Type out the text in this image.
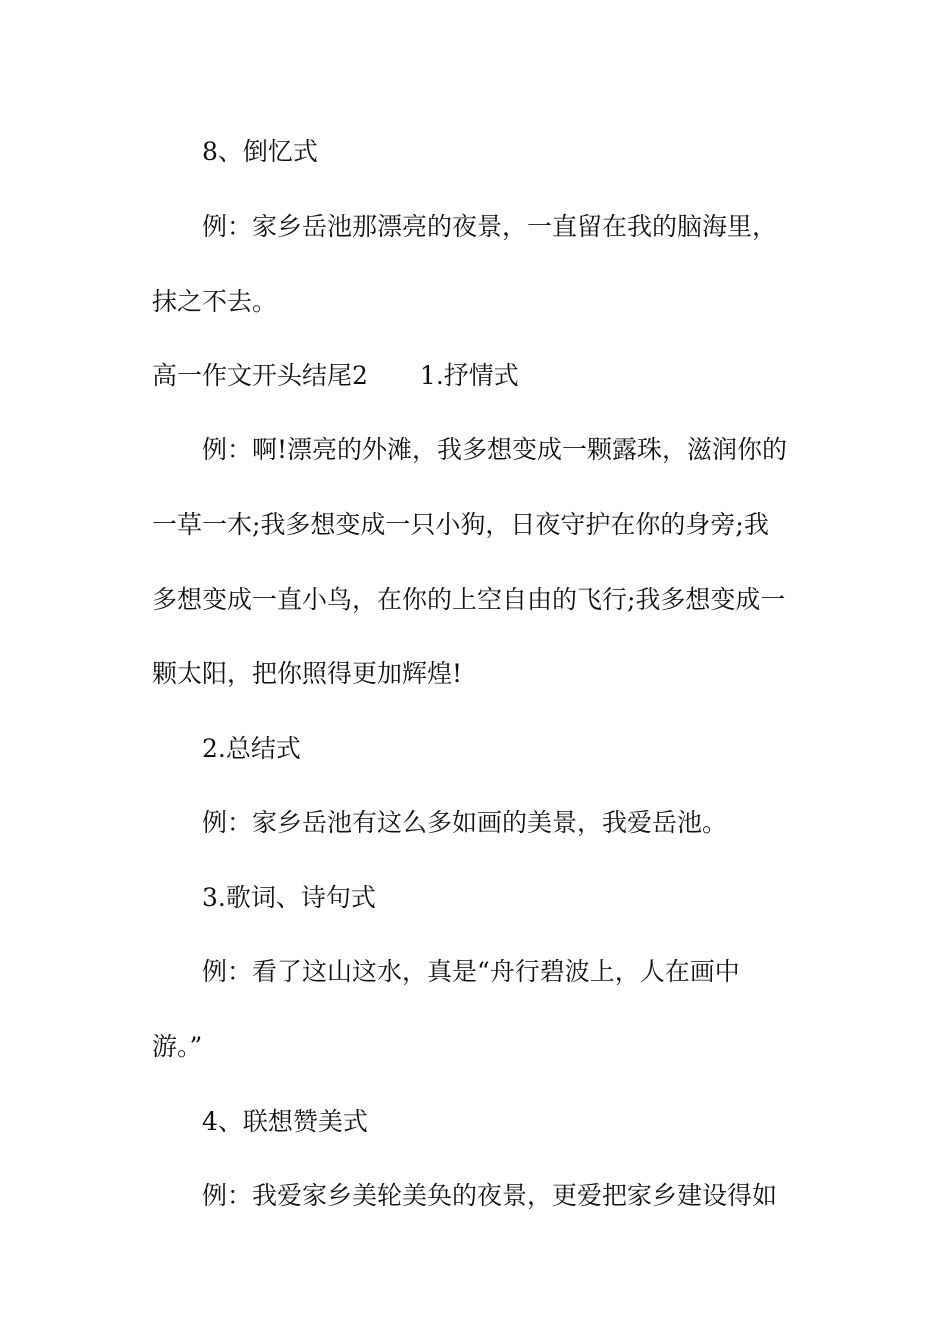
8、倒忆式
例：家乡岳池那漂亮的夜景，一直留在我的脑海里，
抹之不去。
高一作文开头结尾2 1.抒情式
例：啊!漂亮的外滩，我多想变成一颗露珠，滋润你的
一草一木;我多想变成一只小狗，日夜守护在你的身旁;我
多想变成一直小鸟，在你的上空自由的飞行;我多想变成一
颗太阳，把你照得更加辉煌!
2.总结式
例：家乡岳池有这么多如画的美景，我爱岳池。
3.歌词、诗句式
例：看了这山这水，真是“舟行碧波上，人在画中
游。”
4、联想赞美式
例：我爱家乡美轮美奂的夜景，更爱把家乡建设得如
